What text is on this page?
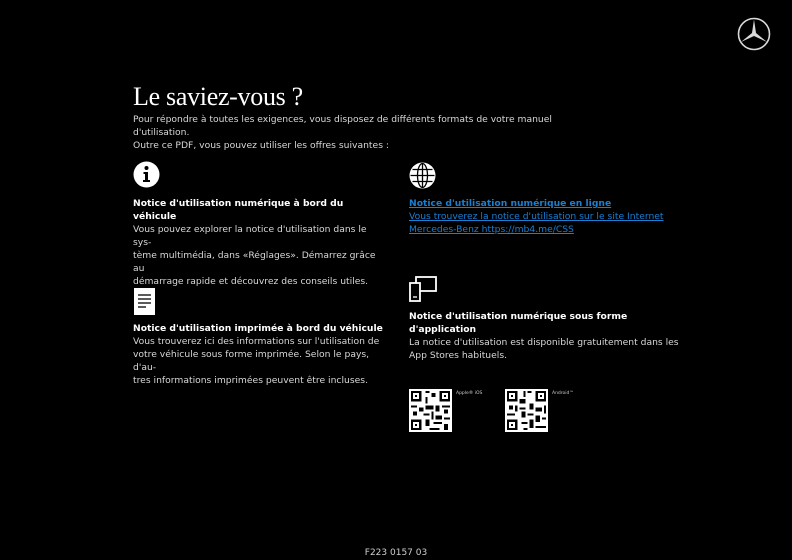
Le saviez-vous ?
Pour répondre à toutes les exigences, vous disposez de différents formats de votre manuel d'utilisation.
Outre ce PDF, vous pouvez utiliser les offres suivantes :
Notice d'utilisation numérique à bord du véhicule
Vous pouvez explorer la notice d'utilisation dans le sys-
tème multimédia, dans «Réglages». Démarrez grâce au
démarrage rapide et découvrez des conseils utiles.
Notice d'utilisation numérique en ligne
Vous trouverez la notice d'utilisation sur le site Internet
Mercedes-Benz https://mb4.me/CSS
Notice d'utilisation imprimée à bord du véhicule
Vous trouverez ici des informations sur l'utilisation de
votre véhicule sous forme imprimée. Selon le pays, d'au-
tres informations imprimées peuvent être incluses.
Notice d'utilisation numérique sous forme d'application
La notice d'utilisation est disponible gratuitement dans les
App Stores habituels.
Apple® iOS	Android™
F223 0157 03
